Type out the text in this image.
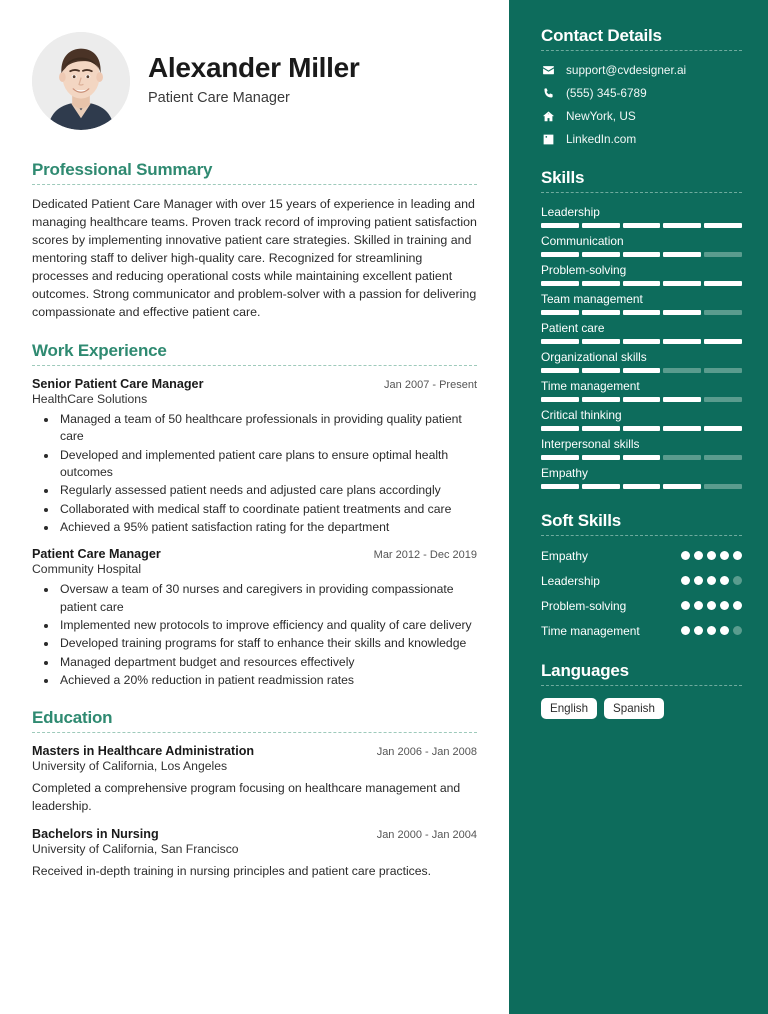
Alexander Miller
Patient Care Manager
Professional Summary
Dedicated Patient Care Manager with over 15 years of experience in leading and managing healthcare teams. Proven track record of improving patient satisfaction scores by implementing innovative patient care strategies. Skilled in training and mentoring staff to deliver high-quality care. Recognized for streamlining processes and reducing operational costs while maintaining excellent patient outcomes. Strong communicator and problem-solver with a passion for delivering compassionate and effective patient care.
Work Experience
Senior Patient Care Manager	Jan 2007 - Present
HealthCare Solutions
• Managed a team of 50 healthcare professionals in providing quality patient care
• Developed and implemented patient care plans to ensure optimal health outcomes
• Regularly assessed patient needs and adjusted care plans accordingly
• Collaborated with medical staff to coordinate patient treatments and care
• Achieved a 95% patient satisfaction rating for the department
Patient Care Manager	Mar 2012 - Dec 2019
Community Hospital
• Oversaw a team of 30 nurses and caregivers in providing compassionate patient care
• Implemented new protocols to improve efficiency and quality of care delivery
• Developed training programs for staff to enhance their skills and knowledge
• Managed department budget and resources effectively
• Achieved a 20% reduction in patient readmission rates
Education
Masters in Healthcare Administration	Jan 2006 - Jan 2008
University of California, Los Angeles
Completed a comprehensive program focusing on healthcare management and leadership.
Bachelors in Nursing	Jan 2000 - Jan 2004
University of California, San Francisco
Received in-depth training in nursing principles and patient care practices.
Contact Details
support@cvdesigner.ai
(555) 345-6789
NewYork, US
LinkedIn.com
Skills
Leadership
Communication
Problem-solving
Team management
Patient care
Organizational skills
Time management
Critical thinking
Interpersonal skills
Empathy
Soft Skills
Empathy
Leadership
Problem-solving
Time management
Languages
English	Spanish
